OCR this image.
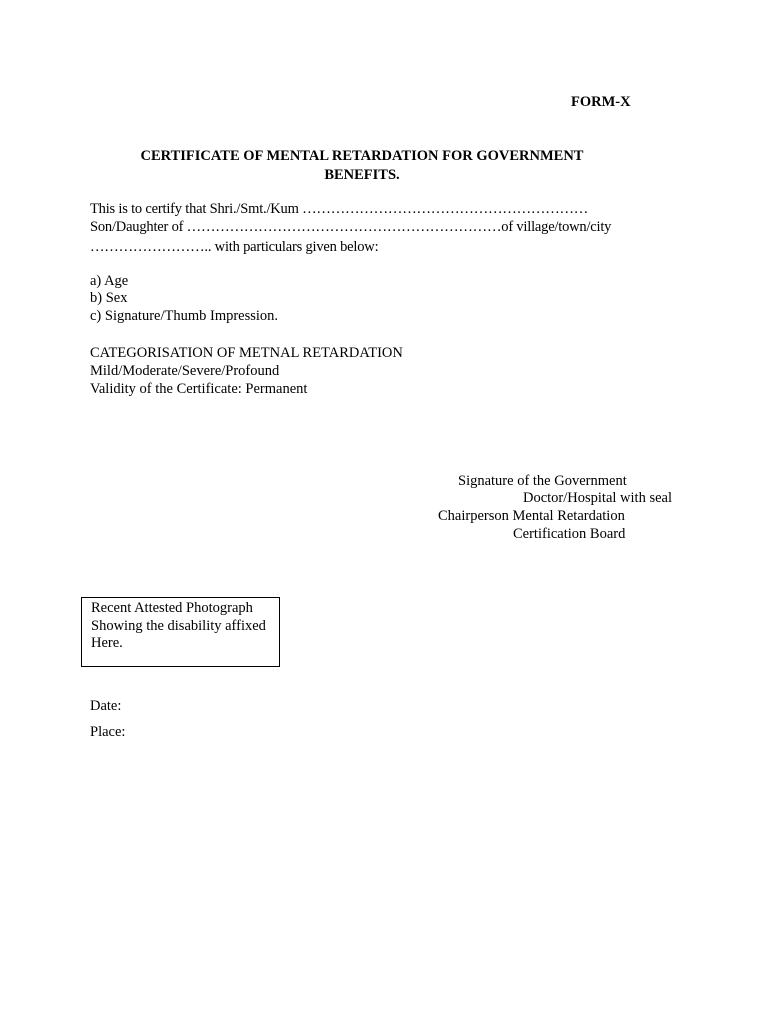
FORM-X
CERTIFICATE OF MENTAL RETARDATION FOR GOVERNMENT
BENEFITS.
This is to certify that Shri./Smt./Kum ……………………………………………………
Son/Daughter of …………………………………………………………of village/town/city
…………………….. with particulars given below:
a) Age
b) Sex
c) Signature/Thumb Impression.
CATEGORISATION OF METNAL RETARDATION
Mild/Moderate/Severe/Profound
Validity of the Certificate: Permanent
Signature of the Government
Doctor/Hospital with seal
Chairperson Mental Retardation
Certification Board
Recent Attested Photograph
Showing the disability affixed
Here.
Date:
Place:
